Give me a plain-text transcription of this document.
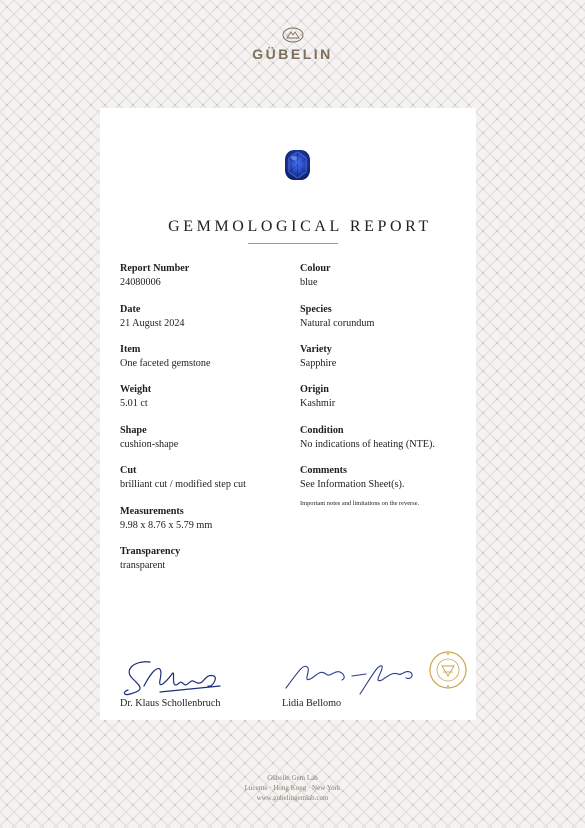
GÜBELIN
GEMMOLOGICAL REPORT
Report Number
24080006
Date
21 August 2024
Item
One faceted gemstone
Weight
5.01 ct
Shape
cushion-shape
Cut
brilliant cut / modified step cut
Measurements
9.98 x 8.76 x 5.79 mm
Transparency
transparent
Colour
blue
Species
Natural corundum
Variety
Sapphire
Origin
Kashmir
Condition
No indications of heating (NTE).
Comments
See Information Sheet(s).
Important notes and limitations on the reverse.
Dr. Klaus Schollenbruch	Lidia Bellomo
Gübelin Gem Lab
Lucerne · Hong Kong · New York
www.gubelingemlab.com
